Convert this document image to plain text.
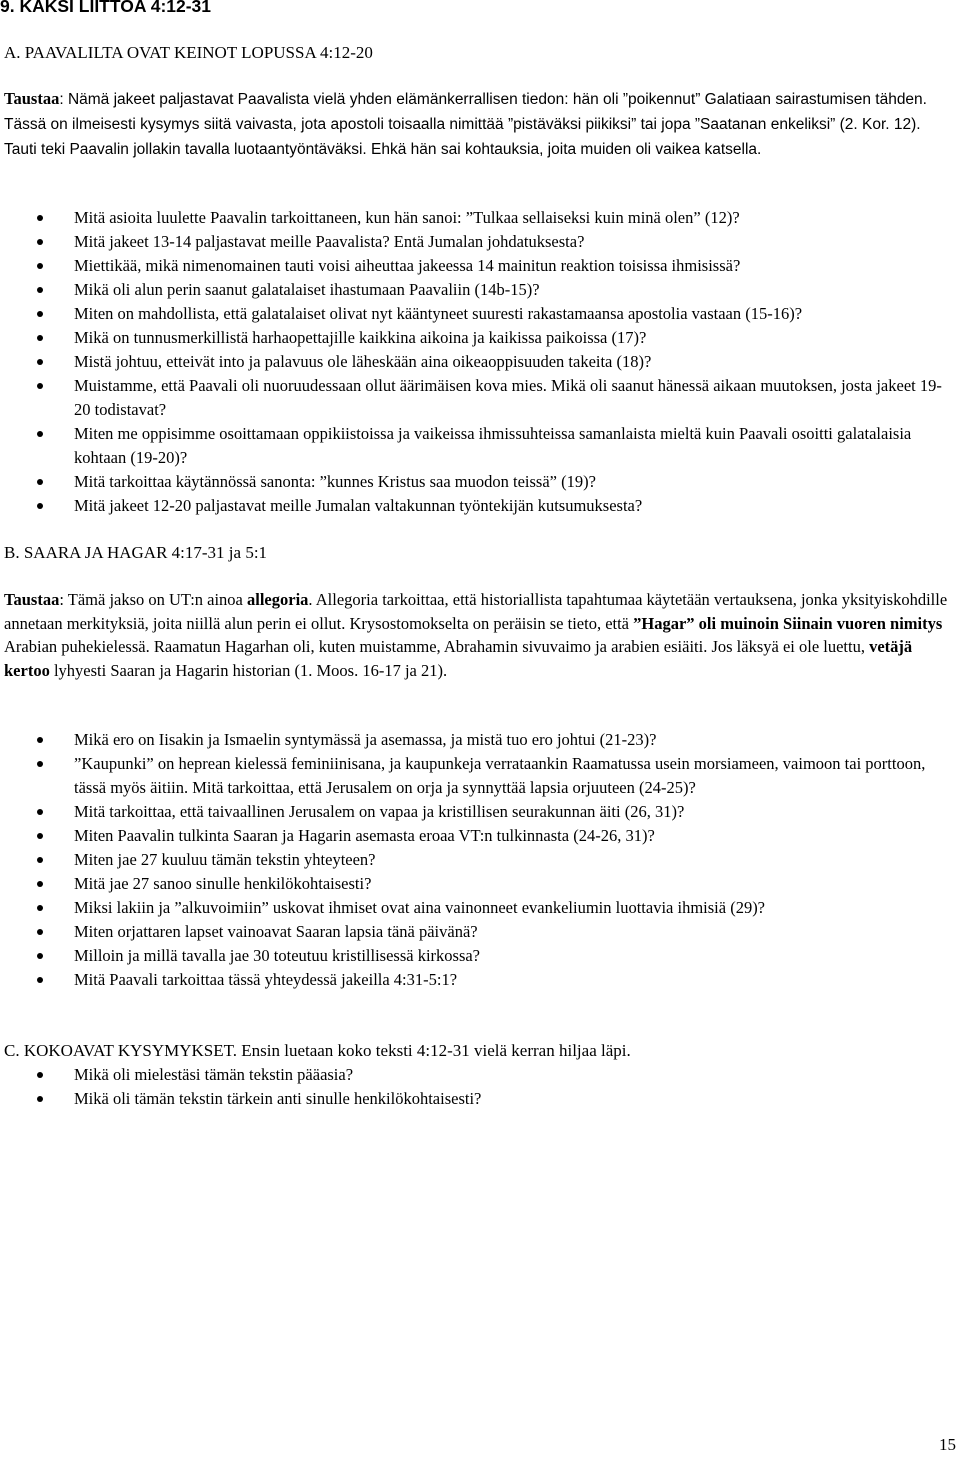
9. KAKSI LIITTOA 4:12-31
A. PAAVALILTA OVAT KEINOT LOPUSSA 4:12-20
Taustaa: Nämä jakeet paljastavat Paavalista vielä yhden elämänkerrallisen tiedon: hän oli ”poikennut” Galatiaan sairastumisen tähden. Tässä on ilmeisesti kysymys siitä vaivasta, jota apostoli toisaalla nimittää ”pistäväksi piikiksi” tai jopa ”Saatanan enkeliksi” (2. Kor. 12). Tauti teki Paavalin jollakin tavalla luotaantyöntäväksi. Ehkä hän sai kohtauksia, joita muiden oli vaikea katsella.
Mitä asioita luulette Paavalin tarkoittaneen, kun hän sanoi: ”Tulkaa sellaiseksi kuin minä olen” (12)?
Mitä jakeet 13-14 paljastavat meille Paavalista? Entä Jumalan johdatuksesta?
Miettikää, mikä nimenomainen tauti voisi aiheuttaa jakeessa 14 mainitun reaktion toisissa ihmisissä?
Mikä oli alun perin saanut galatalaiset ihastumaan Paavaliin (14b-15)?
Miten on mahdollista, että galatalaiset olivat nyt kääntyneet suuresti rakastamaansa apostolia vastaan (15-16)?
Mikä on tunnusmerkillistä harhaopettajille kaikkina aikoina ja kaikissa paikoissa (17)?
Mistä johtuu, etteivät into ja palavuus ole läheskään aina oikeaoppisuuden takeita (18)?
Muistamme, että Paavali oli nuoruudessaan ollut äärimäisen kova mies. Mikä oli saanut hänessä aikaan muutoksen, josta jakeet 19-20 todistavat?
Miten me oppisimme osoittamaan oppikiistoissa ja vaikeissa ihmissuhteissa samanlaista mieltä kuin Paavali osoitti galatalaisia kohtaan (19-20)?
Mitä tarkoittaa käytännössä sanonta: ”kunnes Kristus saa muodon teissä” (19)?
Mitä jakeet 12-20 paljastavat meille Jumalan valtakunnan työntekijän kutsumuksesta?
B. SAARA JA HAGAR 4:17-31 ja 5:1
Taustaa: Tämä jakso on UT:n ainoa allegoria. Allegoria tarkoittaa, että historiallista tapahtumaa käytetään vertauksena, jonka yksityiskohdille annetaan merkityksiä, joita niillä alun perin ei ollut. Krysostomokselta on peräisin se tieto, että ”Hagar” oli muinoin Siinain vuoren nimitys Arabian puhekielessä. Raamatun Hagarhan oli, kuten muistamme, Abrahamin sivuvaimo ja arabien esiäiti. Jos läksyä ei ole luettu, vetäjä kertoo lyhyesti Saaran ja Hagarin historian (1. Moos. 16-17 ja 21).
Mikä ero on Iisakin ja Ismaelin syntymässä ja asemassa, ja mistä tuo ero johtui (21-23)?
”Kaupunki” on heprean kielessä feminiinisana, ja kaupunkeja verrataankin Raamatussa usein morsiameen, vaimoon tai porttoon, tässä myös äitiin. Mitä tarkoittaa, että Jerusalem on orja ja synnyttää lapsia orjuuteen (24-25)?
Mitä tarkoittaa, että taivaallinen Jerusalem on vapaa ja kristillisen seurakunnan äiti (26, 31)?
Miten Paavalin tulkinta Saaran ja Hagarin asemasta eroaa VT:n tulkinnasta (24-26, 31)?
Miten jae 27 kuuluu tämän tekstin yhteyteen?
Mitä jae 27 sanoo sinulle henkilökohtaisesti?
Miksi lakiin ja ”alkuvoimiin” uskovat ihmiset ovat aina vainonneet evankeliumin luottavia ihmisiä (29)?
Miten orjattaren lapset vainoavat Saaran lapsia tänä päivänä?
Milloin ja millä tavalla jae 30 toteutuu kristillisessä kirkossa?
Mitä Paavali tarkoittaa tässä yhteydessä jakeilla 4:31-5:1?
C. KOKOAVAT KYSYMYKSET. Ensin luetaan koko teksti 4:12-31 vielä kerran hiljaa läpi.
Mikä oli mielestäsi tämän tekstin pääasia?
Mikä oli tämän tekstin tärkein anti sinulle henkilökohtaisesti?
15
